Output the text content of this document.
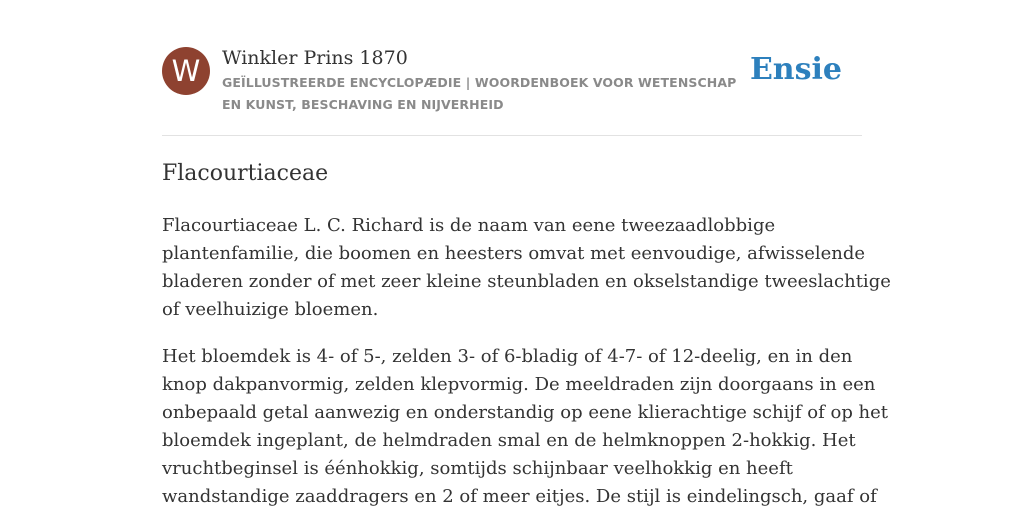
W	Winkler Prins 1870
GEÏLLUSTREERDE ENCYCLOPÆDIE | WOORDENBOEK VOOR WETENSCHAP EN KUNST, BESCHAVING EN NIJVERHEID
Ensie
Flacourtiaceae

Flacourtiaceae L. C. Richard is de naam van eene tweezaadlobbige
plantenfamilie, die boomen en heesters omvat met eenvoudige, afwisselende
bladeren zonder of met zeer kleine steunbladen en okselstandige tweeslachtige
of veelhuizige bloemen.

Het bloemdek is 4- of 5-, zelden 3- of 6-bladig of 4-7- of 12-deelig, en in den
knop dakpanvormig, zelden klepvormig. De meeldraden zijn doorgaans in een
onbepaald getal aanwezig en onderstandig op eene klierachtige schijf of op het
bloemdek ingeplant, de helmdraden smal en de helmknoppen 2-hokkig. Het
vruchtbeginsel is éénhokkig, somtijds schijnbaar veelhokkig en heeft
wandstandige zaaddragers en 2 of meer eitjes. De stijl is eindelingsch, gaaf of
